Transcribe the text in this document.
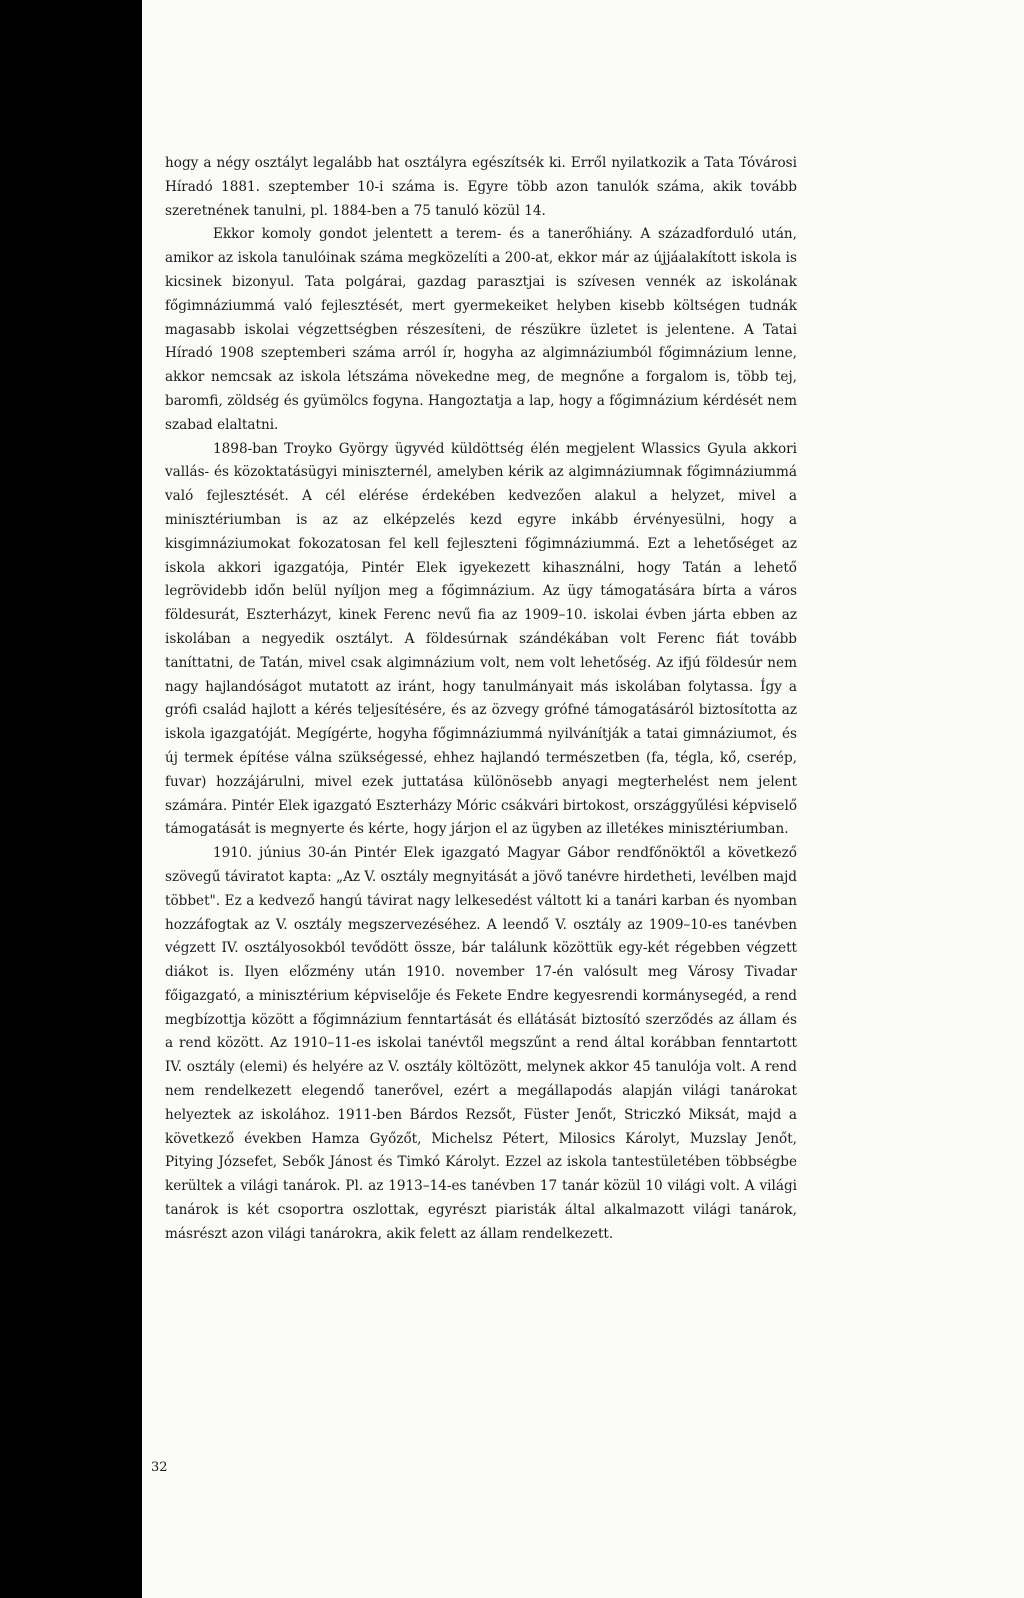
hogy a négy osztályt legalább hat osztályra egészítsék ki. Erről nyilatkozik a Tata Tóvárosi Híradó 1881. szeptember 10-i száma is. Egyre több azon tanulók száma, akik tovább szeretnének tanulni, pl. 1884-ben a 75 tanuló közül 14.

Ekkor komoly gondot jelentett a terem- és a tanerőhiány. A századforduló után, amikor az iskola tanulóinak száma megközelíti a 200-at, ekkor már az újjáalakított iskola is kicsinek bizonyul. Tata polgárai, gazdag parasztjai is szívesen vennék az iskolának főgimnáziummá való fejlesztését, mert gyermekeiket helyben kisebb költségen tudnák magasabb iskolai végzettségben részesíteni, de részükre üzletet is jelentene. A Tatai Híradó 1908 szeptemberi száma arról ír, hogyha az algimnáziumból főgimnázium lenne, akkor nemcsak az iskola létszáma növekedne meg, de megnőne a forgalom is, több tej, baromfi, zöldség és gyümölcs fogyna. Hangoztatja a lap, hogy a főgimnázium kérdését nem szabad elaltatni.

1898-ban Troyko György ügyvéd küldöttség élén megjelent Wlassics Gyula akkori vallás- és közoktatásügyi miniszternél, amelyben kérik az algimnáziumnak főgimnáziummá való fejlesztését. A cél elérése érdekében kedvezően alakul a helyzet, mivel a minisztériumban is az az elképzelés kezd egyre inkább érvényesülni, hogy a kisgimnáziumokat fokozatosan fel kell fejleszteni főgimnáziummá. Ezt a lehetőséget az iskola akkori igazgatója, Pintér Elek igyekezett kihasználni, hogy Tatán a lehető legrövidebb időn belül nyíljon meg a főgimnázium. Az ügy támogatására bírta a város földesurát, Eszterházyt, kinek Ferenc nevű fia az 1909–10. iskolai évben járta ebben az iskolában a negyedik osztályt. A földesúrnak szándékában volt Ferenc fiát tovább taníttatni, de Tatán, mivel csak algimnázium volt, nem volt lehetőség. Az ifjú földesúr nem nagy hajlandóságot mutatott az iránt, hogy tanulmányait más iskolában folytassa. Így a grófi család hajlott a kérés teljesítésére, és az özvegy grófné támogatásáról biztosította az iskola igazgatóját. Megígérte, hogyha főgimnáziummá nyilvánítják a tatai gimnáziumot, és új termek építése válna szükségessé, ehhez hajlandó természetben (fa, tégla, kő, cserép, fuvar) hozzájárulni, mivel ezek juttatása különösebb anyagi megterhelést nem jelent számára. Pintér Elek igazgató Eszterházy Móric csákvári birtokost, országgyűlési képviselő támogatását is megnyerte és kérte, hogy járjon el az ügyben az illetékes minisztériumban.

1910. június 30-án Pintér Elek igazgató Magyar Gábor rendfőnöktől a következő szövegű táviratot kapta: „Az V. osztály megnyitását a jövő tanévre hirdetheti, levélben majd többet". Ez a kedvező hangú távirat nagy lelkesedést váltott ki a tanári karban és nyomban hozzáfogtak az V. osztály megszervezéséhez. A leendő V. osztály az 1909–10-es tanévben végzett IV. osztályosokból tevődött össze, bár találunk közöttük egy-két régebben végzett diákot is. Ilyen előzmény után 1910. november 17-én valósult meg Városy Tivadar főigazgató, a minisztérium képviselője és Fekete Endre kegyesrendi kormánysegéd, a rend megbízottja között a főgimnázium fenntartását és ellátását biztosító szerződés az állam és a rend között. Az 1910–11-es iskolai tanévtől megszűnt a rend által korábban fenntartott IV. osztály (elemi) és helyére az V. osztály költözött, melynek akkor 45 tanulója volt. A rend nem rendelkezett elegendő tanerővel, ezért a megállapodás alapján világi tanárokat helyeztek az iskolához. 1911-ben Bárdos Rezsőt, Füster Jenőt, Striczkó Miksát, majd a következő években Hamza Győzőt, Michelsz Pétert, Milosics Károlyt, Muzslay Jenőt, Pitying Józsefet, Sebők Jánost és Timkó Károlyt. Ezzel az iskola tantestületében többségbe kerültek a világi tanárok. Pl. az 1913–14-es tanévben 17 tanár közül 10 világi volt. A világi tanárok is két csoportra oszlottak, egyrészt piaristák által alkalmazott világi tanárok, másrészt azon világi tanárokra, akik felett az állam rendelkezett.

32
